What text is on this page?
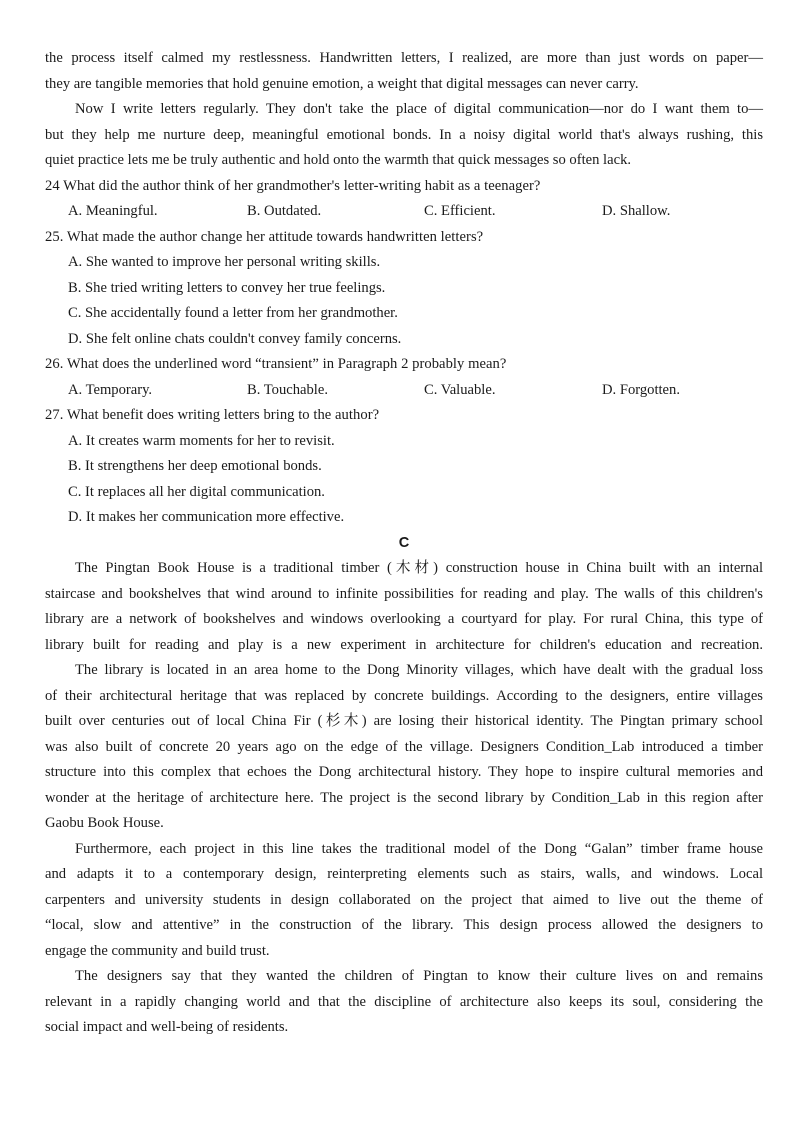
the process itself calmed my restlessness. Handwritten letters, I realized, are more than just words on paper—
they are tangible memories that hold genuine emotion, a weight that digital messages can never carry.
Now I write letters regularly. They don't take the place of digital communication—nor do I want them to—
but they help me nurture deep, meaningful emotional bonds. In a noisy digital world that's always rushing, this
quiet practice lets me be truly authentic and hold onto the warmth that quick messages so often lack.
24 What did the author think of her grandmother's letter-writing habit as a teenager?
A. Meaningful.	B. Outdated.	C. Efficient.	D. Shallow.
25. What made the author change her attitude towards handwritten letters?
A. She wanted to improve her personal writing skills.
B. She tried writing letters to convey her true feelings.
C. She accidentally found a letter from her grandmother.
D. She felt online chats couldn't convey family concerns.
26. What does the underlined word “transient” in Paragraph 2 probably mean?
A. Temporary.	B. Touchable.	C. Valuable.	D. Forgotten.
27. What benefit does writing letters bring to the author?
A. It creates warm moments for her to revisit.
B. It strengthens her deep emotional bonds.
C. It replaces all her digital communication.
D. It makes her communication more effective.
C
The Pingtan Book House is a traditional timber (木材) construction house in China built with an internal
staircase and bookshelves that wind around to infinite possibilities for reading and play. The walls of this children's
library are a network of bookshelves and windows overlooking a courtyard for play. For rural China, this type of
library built for reading and play is a new experiment in architecture for children's education and recreation.
The library is located in an area home to the Dong Minority villages, which have dealt with the gradual loss
of their architectural heritage that was replaced by concrete buildings. According to the designers, entire villages
built over centuries out of local China Fir (杉木) are losing their historical identity. The Pingtan primary school
was also built of concrete 20 years ago on the edge of the village. Designers Condition_Lab introduced a timber
structure into this complex that echoes the Dong architectural history. They hope to inspire cultural memories and
wonder at the heritage of architecture here. The project is the second library by Condition_Lab in this region after
Gaobu Book House.
Furthermore, each project in this line takes the traditional model of the Dong “Galan” timber frame house
and adapts it to a contemporary design, reinterpreting elements such as stairs, walls, and windows. Local
carpenters and university students in design collaborated on the project that aimed to live out the theme of
“local, slow and attentive” in the construction of the library. This design process allowed the designers to
engage the community and build trust.
The designers say that they wanted the children of Pingtan to know their culture lives on and remains
relevant in a rapidly changing world and that the discipline of architecture also keeps its soul, considering the
social impact and well-being of residents.
